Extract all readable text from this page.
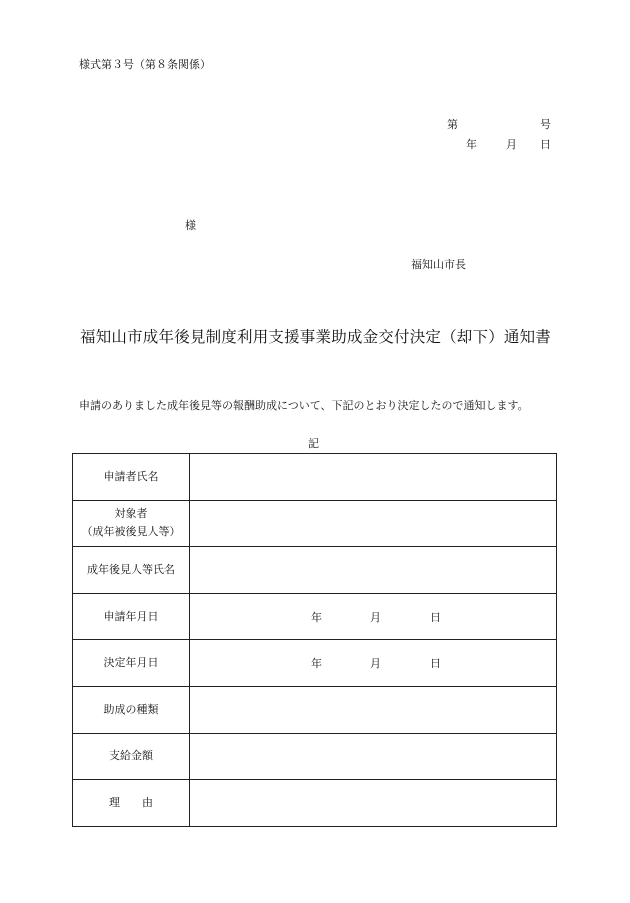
様式第３号（第８条関係）
第	号
年	月 日
様
福知山市長
福知山市成年後見制度利用支援事業助成金交付決定（却下）通知書
申請のありました成年後見等の報酬助成について、下記のとおり決定したので通知します。
記
申請者氏名	

対象者
（成年被後見人等）	

成年後見人等氏名	
申請年月日	年 月 日

決定年月日	年 月 日

助成の種類	
支給金額	
理　　由	
